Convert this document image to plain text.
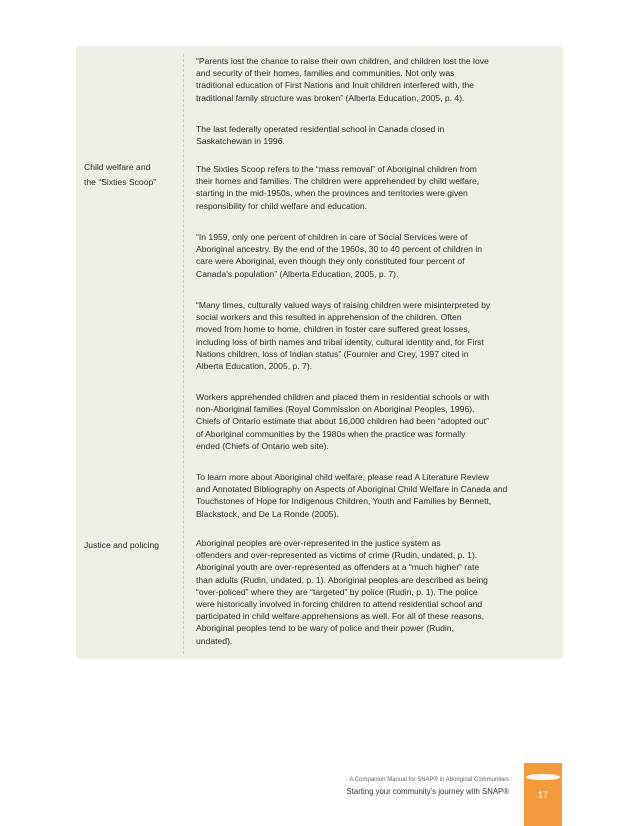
Child welfare and
the “Sixties Scoop”
Justice and policing
“Parents lost the chance to raise their own children, and children lost the love
and security of their homes, families and communities. Not only was
traditional education of First Nations and Inuit children interfered with, the
traditional family structure was broken” (Alberta Education, 2005, p. 4).
The last federally operated residential school in Canada closed in
Saskatchewan in 1996.
The Sixties Scoop refers to the “mass removal” of Aboriginal children from
their homes and families. The children were apprehended by child welfare,
starting in the mid-1950s, when the provinces and territories were given
responsibility for child welfare and education.
“In 1959, only one percent of children in care of Social Services were of
Aboriginal ancestry. By the end of the 1960s, 30 to 40 percent of children in
care were Aboriginal, even though they only constituted four percent of
Canada’s population” (Alberta Education, 2005, p. 7).
“Many times, culturally valued ways of raising children were misinterpreted by
social workers and this resulted in apprehension of the children. Often
moved from home to home, children in foster care suffered great losses,
including loss of birth names and tribal identity, cultural identity and, for First
Nations children, loss of Indian status” (Fournier and Crey, 1997 cited in
Alberta Education, 2005, p. 7).
Workers apprehended children and placed them in residential schools or with
non-Aboriginal families (Royal Commission on Aboriginal Peoples, 1996).
Chiefs of Ontario estimate that about 16,000 children had been “adopted out”
of Aboriginal communities by the 1980s when the practice was formally
ended (Chiefs of Ontario web site).
To learn more about Aboriginal child welfare, please read A Literature Review
and Annotated Bibliography on Aspects of Aboriginal Child Welfare in Canada and
Touchstones of Hope for Indigenous Children, Youth and Families by Bennett,
Blackstock, and De La Ronde (2005).
Aboriginal peoples are over-represented in the justice system as
offenders and over-represented as victims of crime (Rudin, undated, p. 1).
Aboriginal youth are over-represented as offenders at a “much higher” rate
than adults (Rudin, undated, p. 1). Aboriginal peoples are described as being
“over-policed” where they are “targeted” by police (Rudin, p. 1). The police
were historically involved in forcing children to attend residential school and
participated in child welfare apprehensions as well. For all of these reasons,
Aboriginal peoples tend to be wary of police and their power (Rudin,
undated).
A Companion Manual for SNAP® in Aboriginal Communities
Starting your community’s journey with SNAP®	17
